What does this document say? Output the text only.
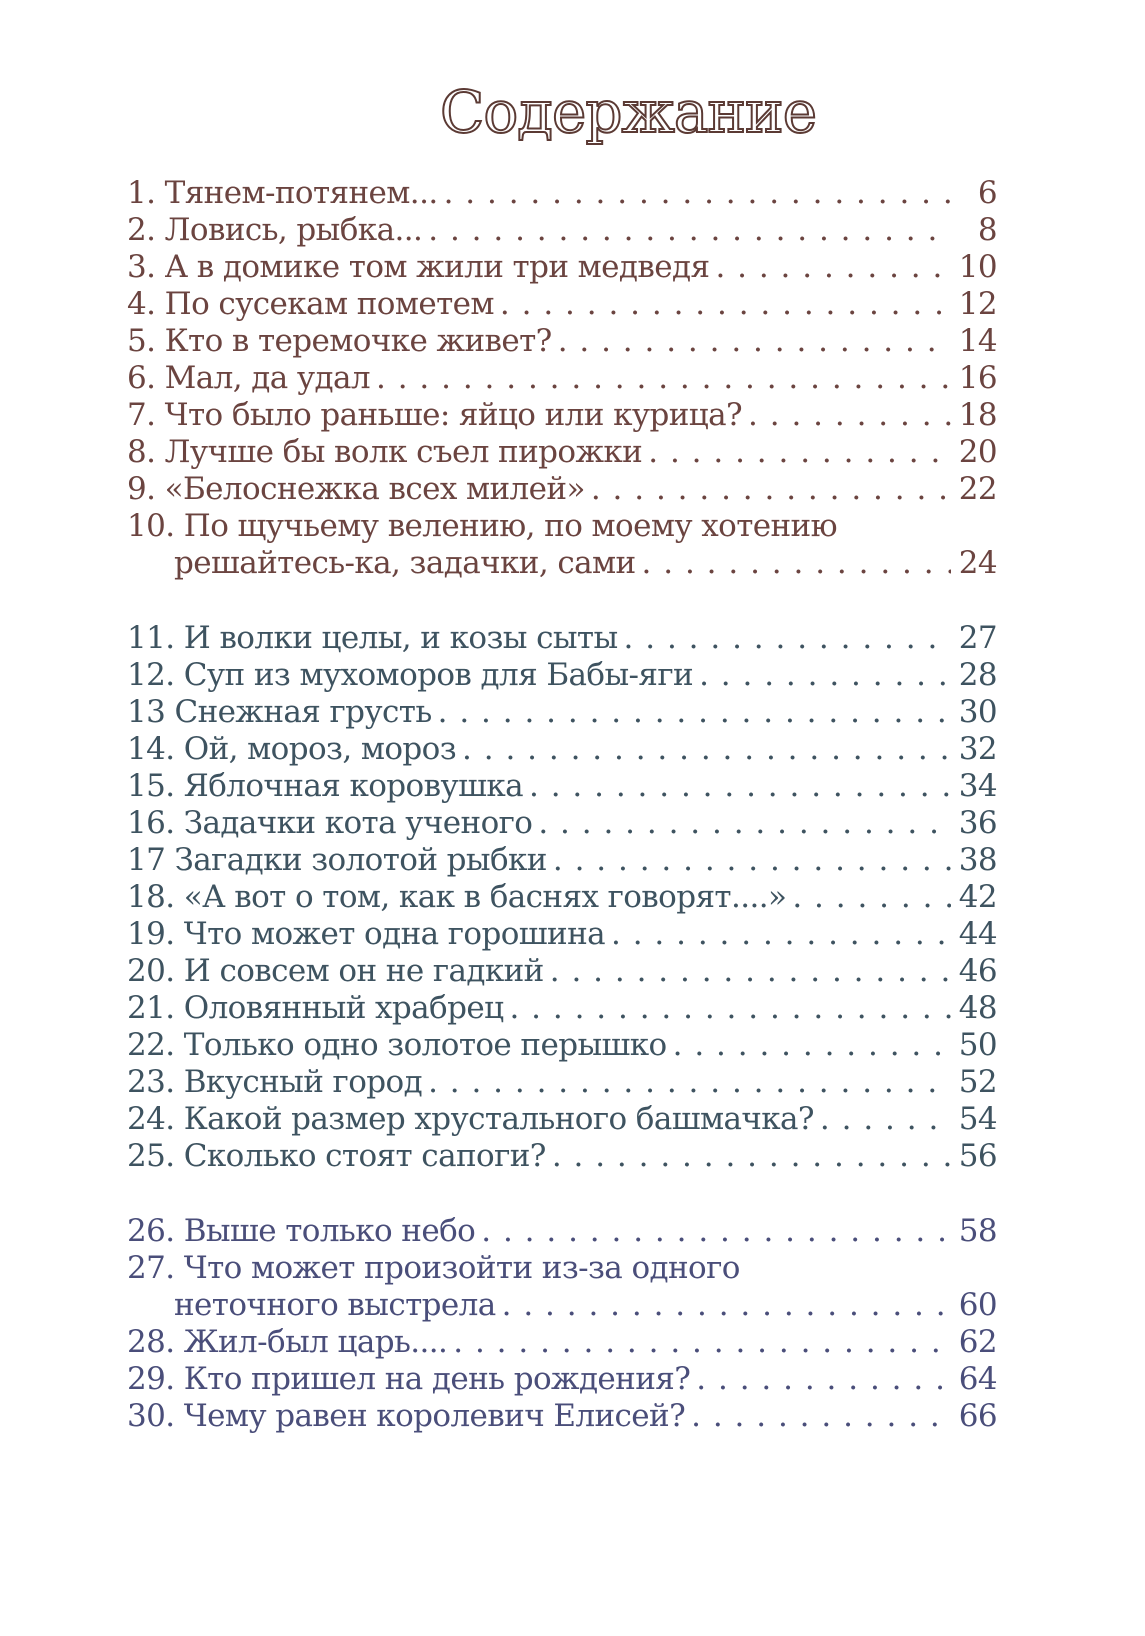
Содержание
1. Тянем-потянем... . . .	6
2. Ловись, рыбка... . . .	8
3. А в домике том жили три медведя . . .	10
4. По сусекам пометем . . .	12
5. Кто в теремочке живет? . . .	14
6. Мал, да удал . . .	16
7. Что было раньше: яйцо или курица? . . .	18
8. Лучше бы волк съел пирожки . . .	20
9. «Белоснежка всех милей» . . .	22
10. По щучьему велению, по моему хотению
решайтесь-ка, задачки, сами . . .	24
11. И волки целы, и козы сыты . . .	27
12. Суп из мухоморов для Бабы-яги . . .	28
13 Снежная грусть . . .	30
14. Ой, мороз, мороз . . .	32
15. Яблочная коровушка . . .	34
16. Задачки кота ученого . . .	36
17 Загадки золотой рыбки . . .	38
18. «А вот о том, как в баснях говорят....» . . .	42
19. Что может одна горошина . . .	44
20. И совсем он не гадкий . . .	46
21. Оловянный храбрец . . .	48
22. Только одно золотое перышко . . .	50
23. Вкусный город . . .	52
24. Какой размер хрустального башмачка? . . .	54
25. Сколько стоят сапоги? . . .	56
26. Выше только небо . . .	58
27. Что может произойти из-за одного
неточного выстрела . . .	60
28. Жил-был царь.... . . .	62
29. Кто пришел на день рождения? . . .	64
30. Чему равен королевич Елисей? . . .	66
